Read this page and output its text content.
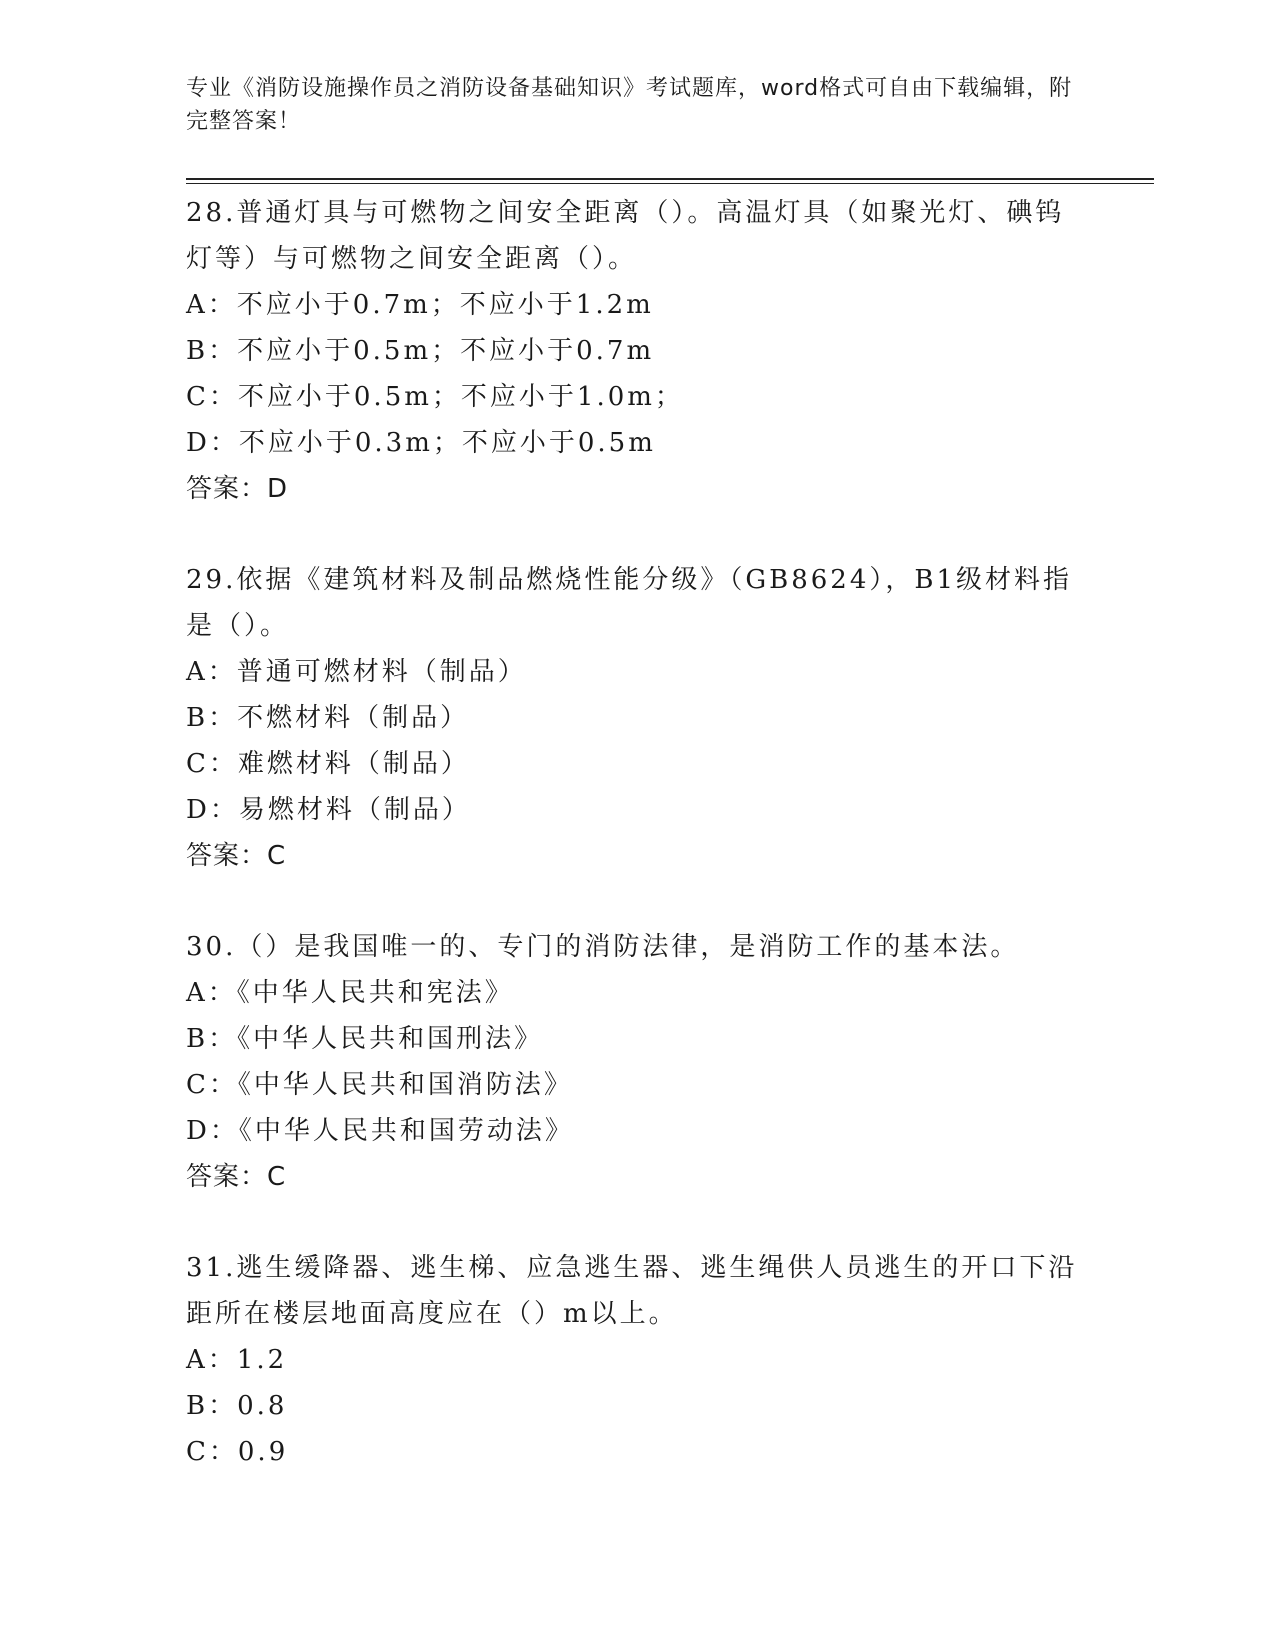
专业《消防设施操作员之消防设备基础知识》考试题库，word格式可自由下载编辑，附完整答案！
28.普通灯具与可燃物之间安全距离（）。高温灯具（如聚光灯、碘钨灯等）与可燃物之间安全距离（）。
A：不应小于0.7m；不应小于1.2m
B：不应小于0.5m；不应小于0.7m
C：不应小于0.5m；不应小于1.0m；
D：不应小于0.3m；不应小于0.5m
答案：D
29.依据《建筑材料及制品燃烧性能分级》（GB8624），B1级材料指是（）。
A：普通可燃材料（制品）
B：不燃材料（制品）
C：难燃材料（制品）
D：易燃材料（制品）
答案：C
30.（）是我国唯一的、专门的消防法律，是消防工作的基本法。
A：《中华人民共和宪法》
B：《中华人民共和国刑法》
C：《中华人民共和国消防法》
D：《中华人民共和国劳动法》
答案：C
31.逃生缓降器、逃生梯、应急逃生器、逃生绳供人员逃生的开口下沿距所在楼层地面高度应在（）m以上。
A：1.2
B：0.8
C：0.9
